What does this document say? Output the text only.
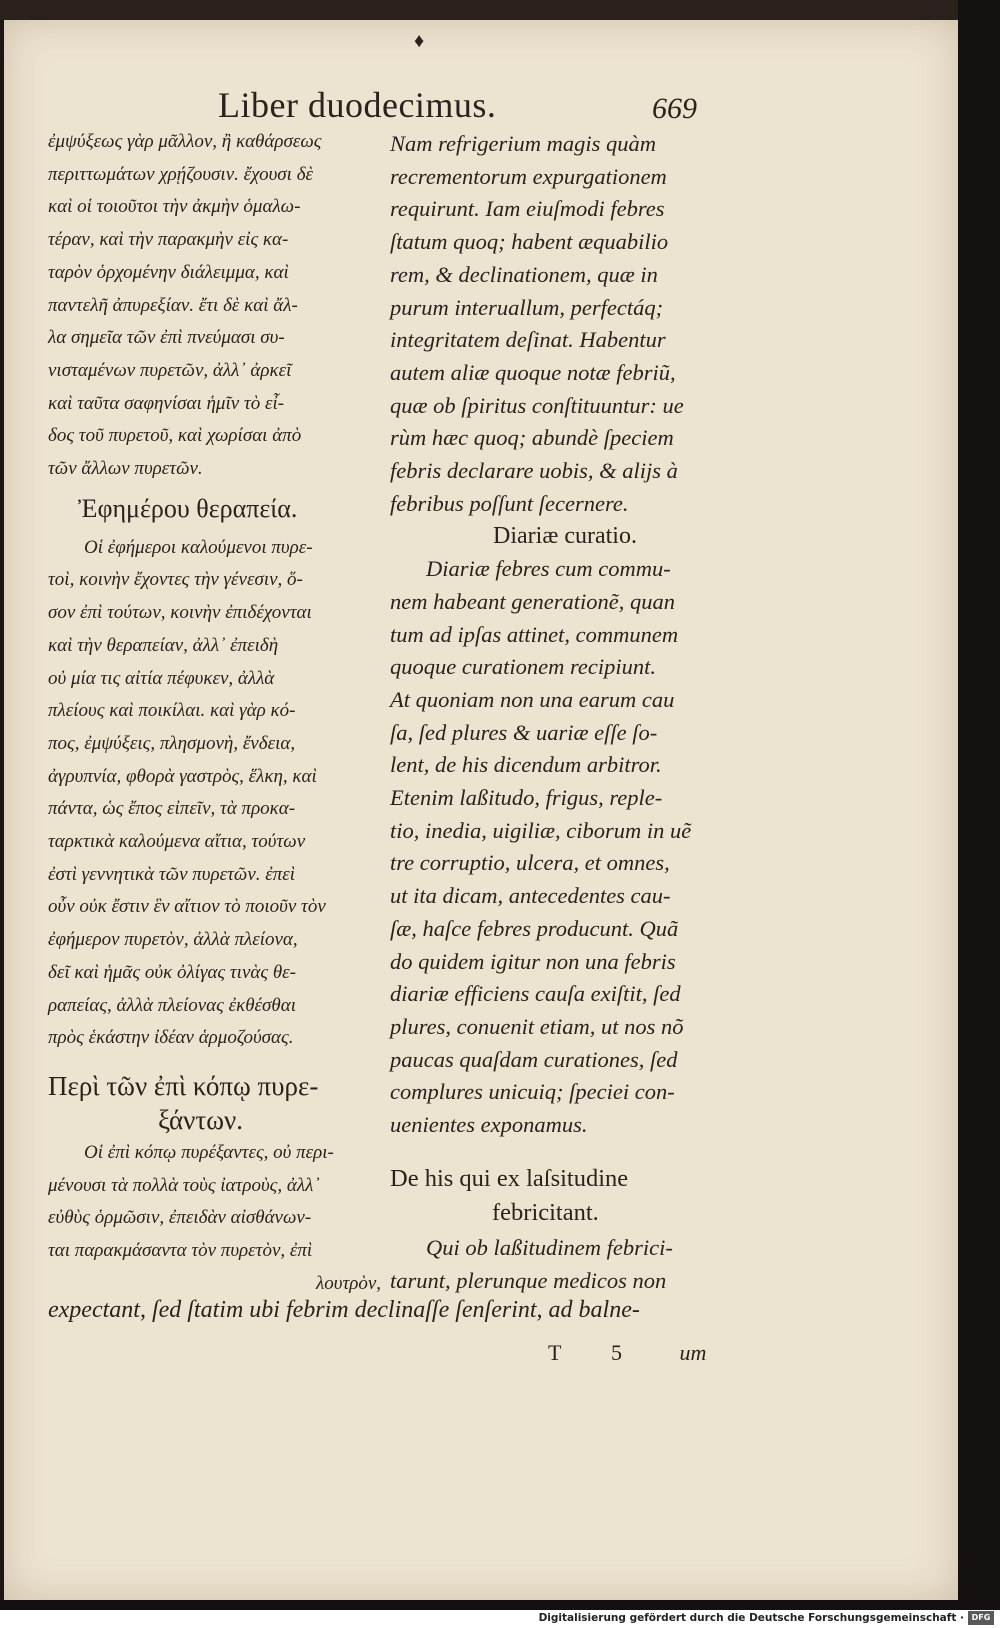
♦
Liber duodecimus.	669
ἐμψύξεως γὰρ μᾶλλον, ἢ καθάρσεως
περιττωμάτων χρῄζουσιν. ἔχουσι δὲ
καὶ οἱ τοιοῦτοι τὴν ἀκμὴν ὁμαλω-
τέραν, καὶ τὴν παρακμὴν εἰς κα-
ταρὸν ὁρχομένην διάλειμμα, καὶ
παντελῆ ἀπυρεξίαν. ἔτι δὲ καὶ ἄλ-
λα σημεῖα τῶν ἐπὶ πνεύμασι συ-
νισταμένων πυρετῶν, ἀλλ᾽ ἀρκεῖ
καὶ ταῦτα σαφηνίσαι ἡμῖν τὸ εἶ-
δος τοῦ πυρετοῦ, καὶ χωρίσαι ἀπὸ
τῶν ἄλλων πυρετῶν.
Ἐφημέρου θεραπεία.
Οἱ ἐφήμεροι καλούμενοι πυρε-
τοὶ, κοινὴν ἔχοντες τὴν γένεσιν, ὅ-
σον ἐπὶ τούτων, κοινὴν ἐπιδέχονται
καὶ τὴν θεραπείαν, ἀλλ᾽ ἐπειδὴ
οὐ μία τις αἰτία πέφυκεν, ἀλλὰ
πλείους καὶ ποικίλαι. καὶ γὰρ κό-
πος, ἐμψύξεις, πλησμονὴ, ἔνδεια,
ἀγρυπνία, φθορὰ γαστρὸς, ἕλκη, καὶ
πάντα, ὡς ἔπος εἰπεῖν, τὰ προκα-
ταρκτικὰ καλούμενα αἴτια, τούτων
ἐστὶ γεννητικὰ τῶν πυρετῶν. ἐπεὶ
οὖν οὐκ ἔστιν ἓν αἴτιον τὸ ποιοῦν τὸν
ἐφήμερον πυρετὸν, ἀλλὰ πλείονα,
δεῖ καὶ ἡμᾶς οὐκ ὀλίγας τινὰς θε-
ραπείας, ἀλλὰ πλείονας ἐκθέσθαι
πρὸς ἑκάστην ἰδέαν ἁρμοζούσας.
Περὶ τῶν ἐπὶ κόπῳ πυρε-
ξάντων.
Οἱ ἐπὶ κόπῳ πυρέξαντες, οὐ περι-
μένουσι τὰ πολλὰ τοὺς ἰατροὺς, ἀλλ᾽
εὐθὺς ὁρμῶσιν, ἐπειδὰν αἰσθάνων-
ται παρακμάσαντα τὸν πυρετὸν, ἐπὶ
λουτρὸν,
Nam refrigerium magis quàm
recrementorum expurgationem
requirunt. Iam eiuſmodi febres
ſtatum quoq; habent æquabilio
rem, & declinationem, quæ in
purum interuallum, perfectáq;
integritatem deſinat. Habentur
autem aliæ quoque notæ febriũ,
quæ ob ſpiritus conſtituuntur: ue
rùm hæc quoq; abundè ſpeciem
febris declarare uobis, & aliјs à
febribus poſſunt ſecernere.
Diariæ curatio.
Diariæ febres cum commu-
nem habeant generationẽ, quan
tum ad ipſas attinet, communem
quoque curationem recipiunt.
At quoniam non una earum cau
ſa, ſed plures & uariæ eſſe ſo-
lent, de his dicendum arbitror.
Etenim laßitudo, frigus, reple-
tio, inedia, uigiliæ, ciborum in uẽ
tre corruptio, ulcera, et omnes,
ut ita dicam, antecedentes cau-
ſæ, haſce febres producunt. Quã
do quidem igitur non una febris
diariæ efficiens cauſa exiſtit, ſed
plures, conuenit etiam, ut nos nõ
paucas quaſdam curationes, ſed
complures unicuiq; ſpeciei con-
uenientes exponamus.
De his qui ex laſsitudine
febricitant.
Qui ob laßitudinem febrici-
tarunt, plerunque medicos non
expectant, ſed ſtatim ubi febrim declinaſſe ſenſerint, ad balne-
T 5	um
Digitalisierung gefördert durch die Deutsche Forschungsgemeinschaft · DFG
